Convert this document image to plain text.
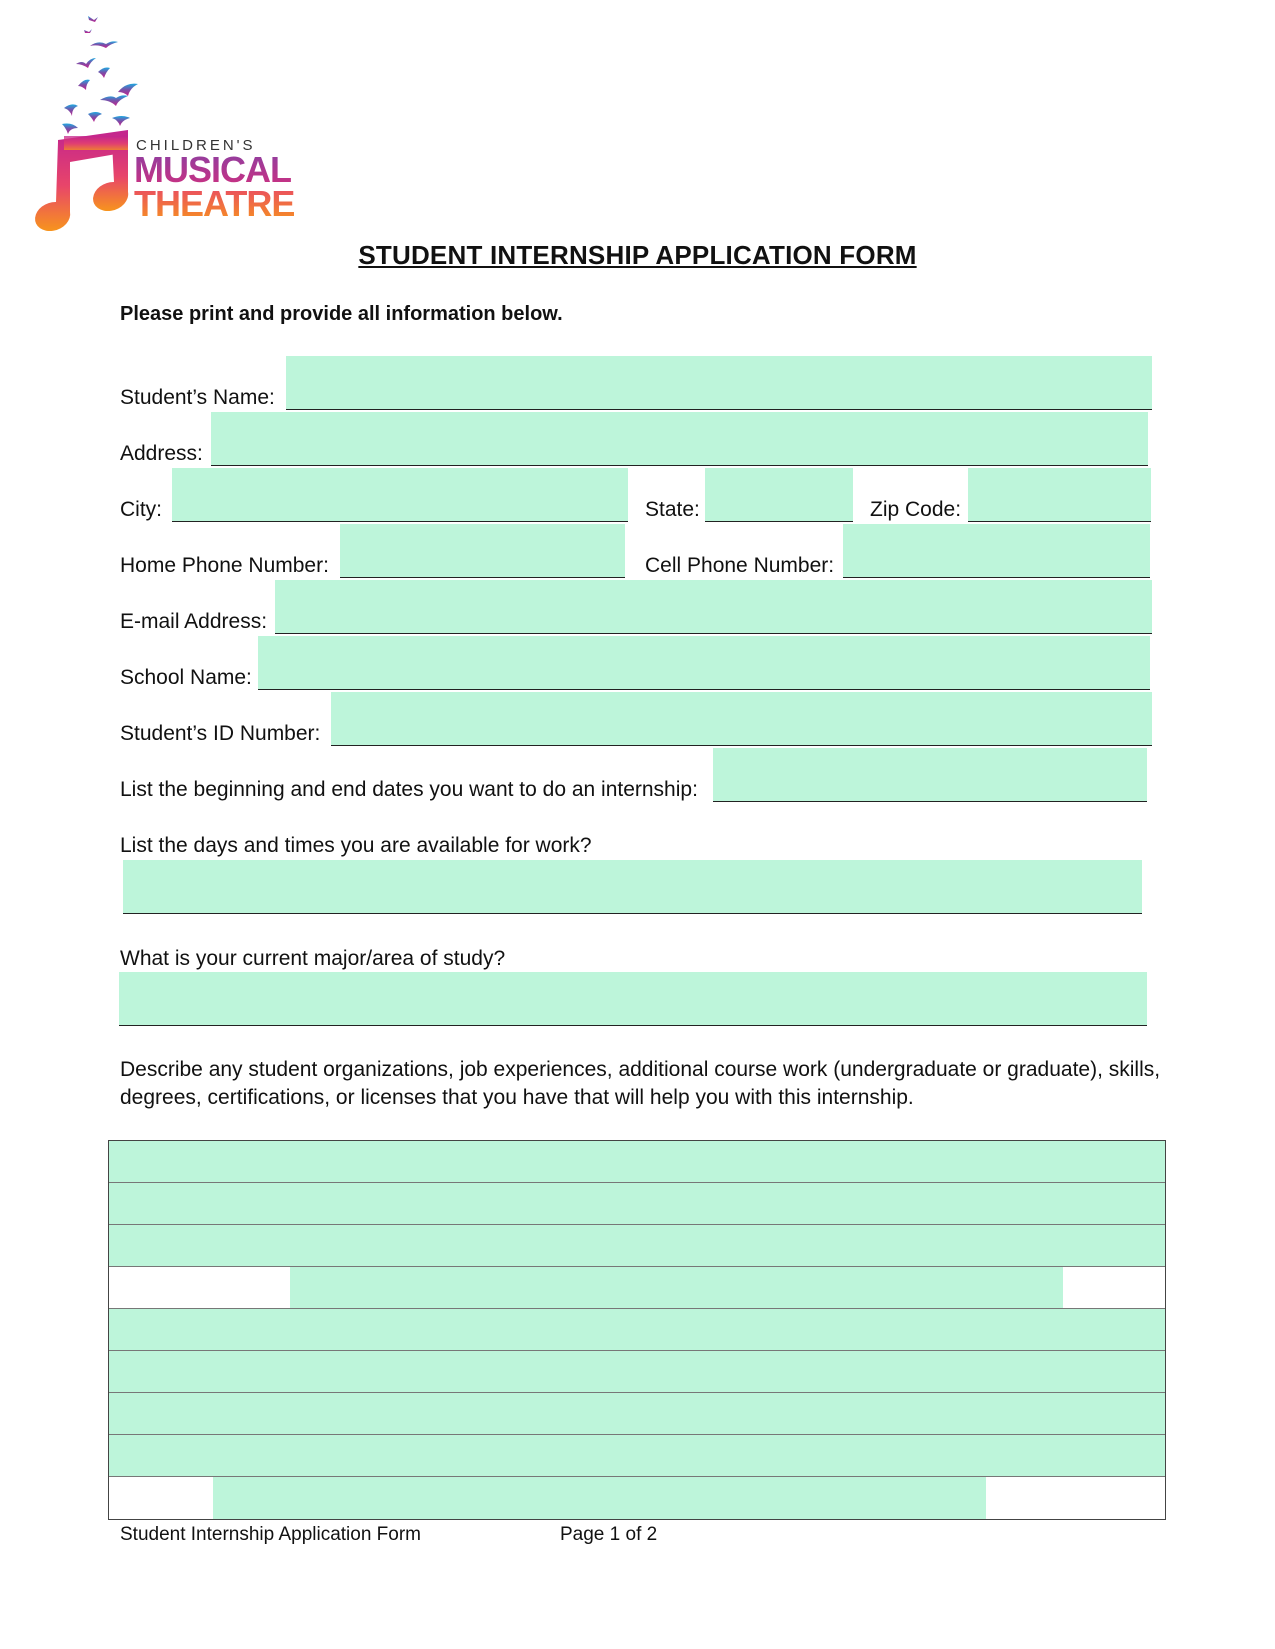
CHILDREN'S
MUSICAL
THEATRE
STUDENT INTERNSHIP APPLICATION FORM
Please print and provide all information below.
Student’s Name:
Address:
City:	State:	Zip Code:
Home Phone Number:	Cell Phone Number:
E-mail Address:
School Name:
Student’s ID Number:
List the beginning and end dates you want to do an internship:
List the days and times you are available for work?
What is your current major/area of study?
Describe any student organizations, job experiences, additional course work (undergraduate or graduate), skills, degrees, certifications, or licenses that you have that will help you with this internship.
Student Internship Application Form	Page 1 of 2
